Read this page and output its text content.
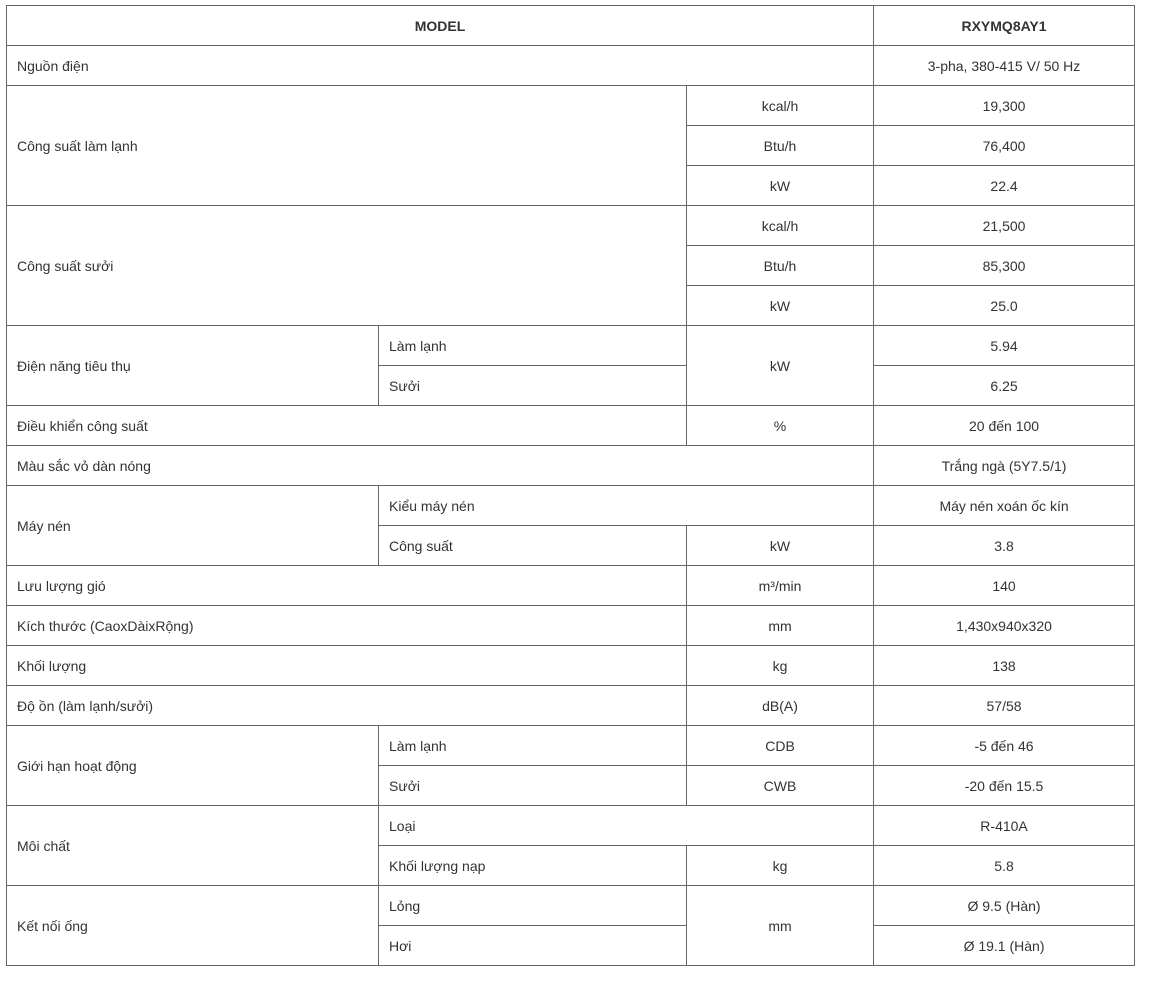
MODEL			RXYMQ8AY1
Nguồn điện			3-pha, 380-415 V/ 50 Hz
Công suất làm lạnh		kcal/h	19,300
		Btu/h	76,400
		kW	22.4
Công suất sưởi		kcal/h	21,500
		Btu/h	85,300
		kW	25.0
Điện năng tiêu thụ	Làm lạnh	kW	5.94
	Sưởi		6.25
Điều khiển công suất		%	20 đến 100
Màu sắc vỏ dàn nóng			Trắng ngà (5Y7.5/1)
Máy nén	Kiểu máy nén		Máy nén xoán ốc kín
	Công suất	kW	3.8
Lưu lượng gió		m³/min	140
Kích thước (CaoxDàixRộng)		mm	1,430x940x320
Khối lượng		kg	138
Độ ồn (làm lạnh/sưởi)		dB(A)	57/58
Giới hạn hoạt động	Làm lạnh	CDB	-5 đến 46
	Sưởi	CWB	-20 đến 15.5
Môi chất	Loại		R-410A
	Khối lượng nạp	kg	5.8
Kết nối ống	Lỏng	mm	Ø 9.5 (Hàn)
	Hơi		Ø 19.1 (Hàn)
